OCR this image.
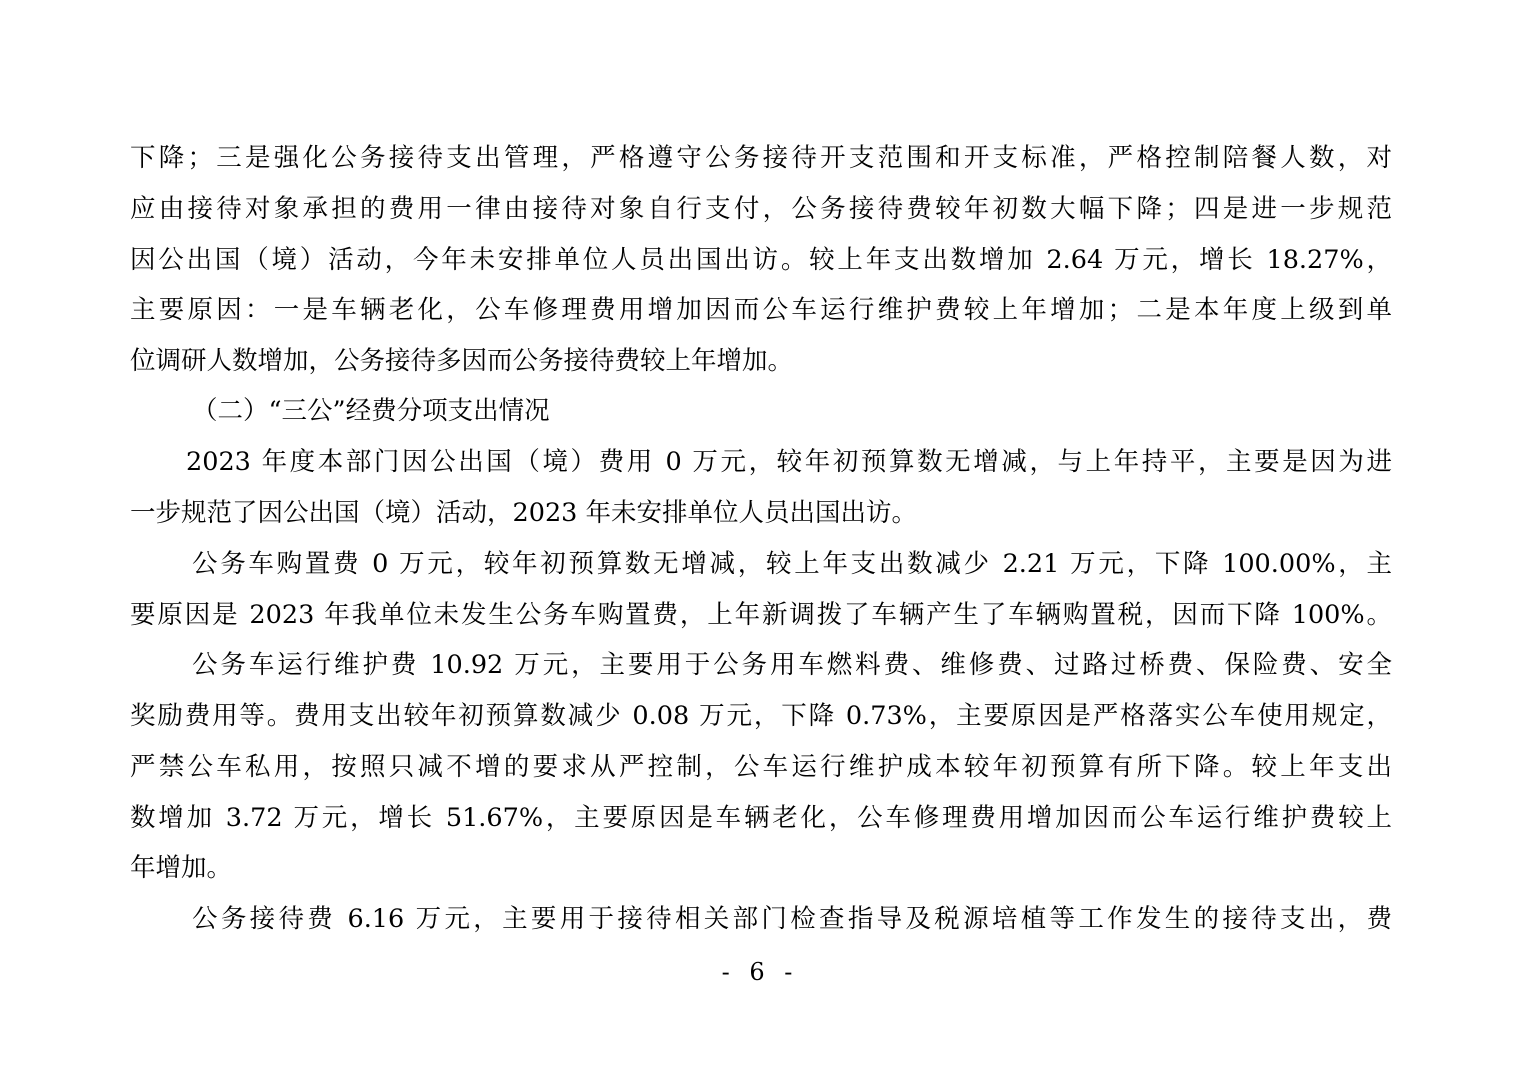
下降；三是强化公务接待支出管理，严格遵守公务接待开支范围和开支标准，严格控制陪餐人数，对
应由接待对象承担的费用一律由接待对象自行支付，公务接待费较年初数大幅下降；四是进一步规范
因公出国（境）活动，今年未安排单位人员出国出访。较上年支出数增加 2.64 万元，增长 18.27%，
主要原因：一是车辆老化，公车修理费用增加因而公车运行维护费较上年增加；二是本年度上级到单
位调研人数增加，公务接待多因而公务接待费较上年增加。
（二）“三公”经费分项支出情况
2023 年度本部门因公出国（境）费用 0 万元，较年初预算数无增减，与上年持平，主要是因为进
一步规范了因公出国（境）活动，2023 年未安排单位人员出国出访。
公务车购置费 0 万元，较年初预算数无增减，较上年支出数减少 2.21 万元，下降 100.00%，主
要原因是 2023 年我单位未发生公务车购置费，上年新调拨了车辆产生了车辆购置税，因而下降 100%。
公务车运行维护费 10.92 万元，主要用于公务用车燃料费、维修费、过路过桥费、保险费、安全
奖励费用等。费用支出较年初预算数减少 0.08 万元，下降 0.73%，主要原因是严格落实公车使用规定，
严禁公车私用，按照只减不增的要求从严控制，公车运行维护成本较年初预算有所下降。较上年支出
数增加 3.72 万元，增长 51.67%，主要原因是车辆老化，公车修理费用增加因而公车运行维护费较上
年增加。
公务接待费 6.16 万元，主要用于接待相关部门检查指导及税源培植等工作发生的接待支出，费
- 6 -
